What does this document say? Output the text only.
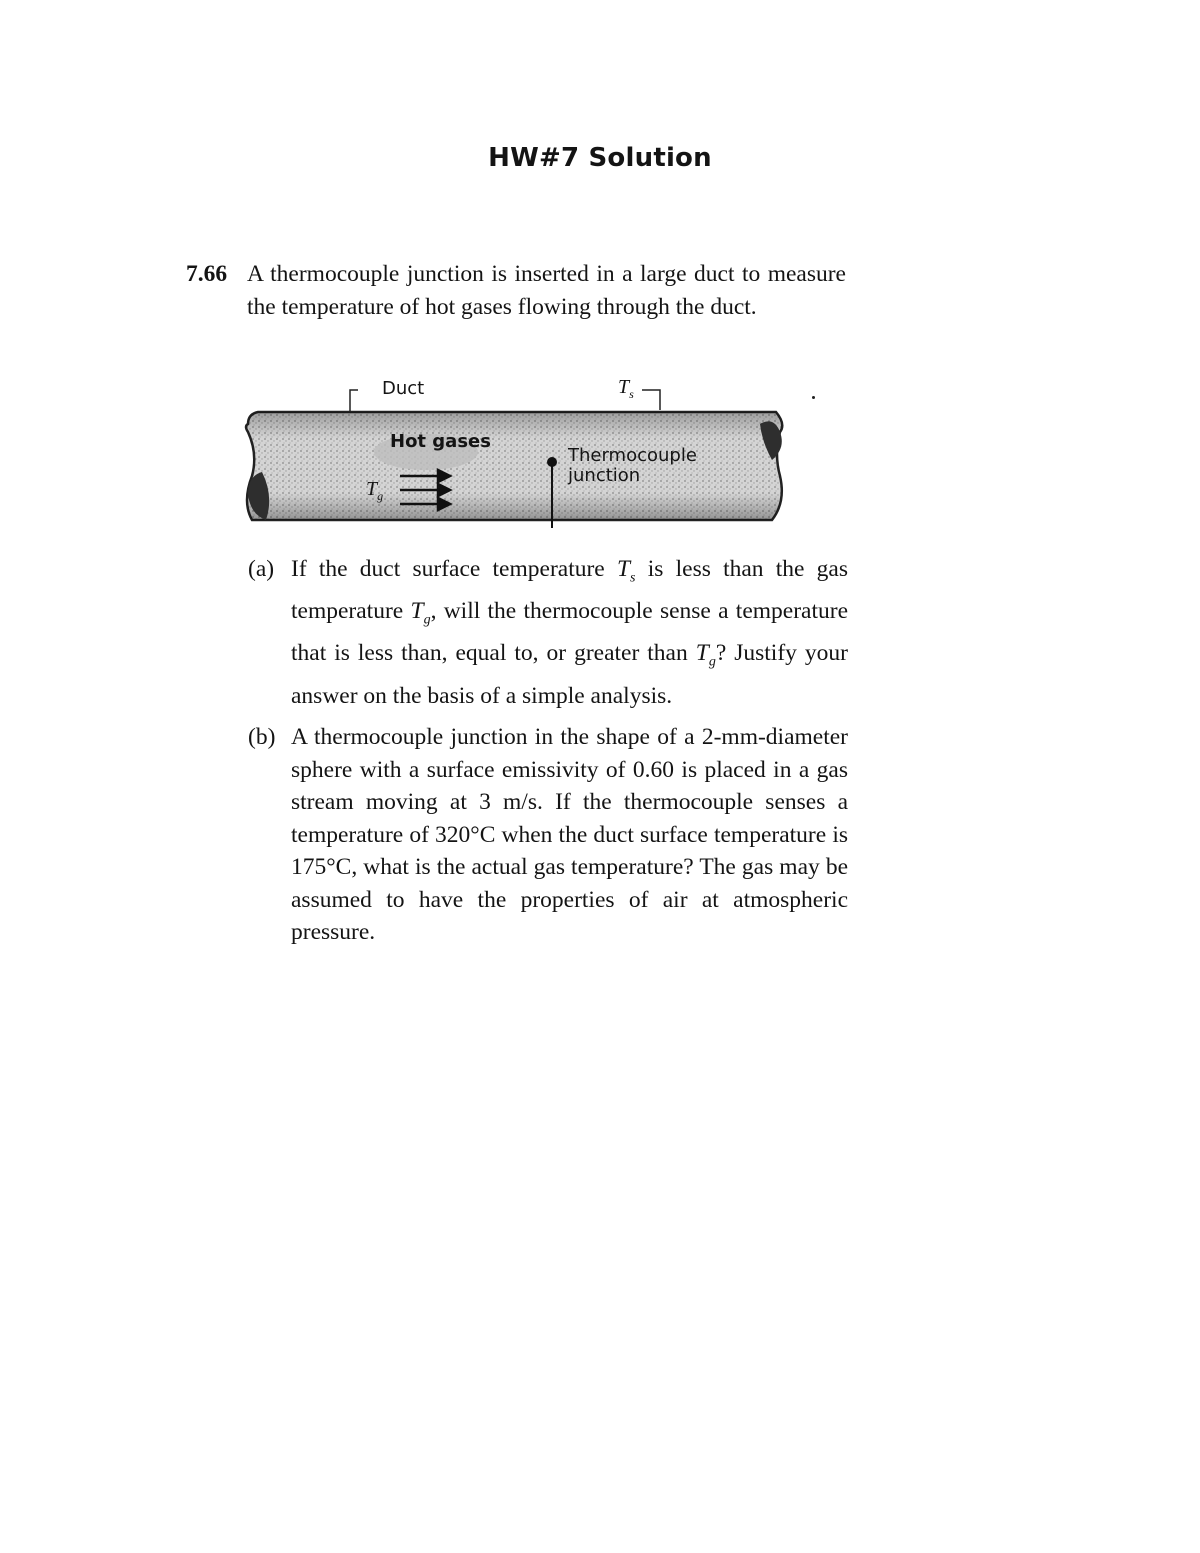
HW#7 Solution
7.66 A thermocouple junction is inserted in a large duct to measure the temperature of hot gases flowing through the duct.
Duct	$T_s$
Hot gases
$T_g$
Thermocouple
junction
(a) If the duct surface temperature $T_s$ is less than the gas temperature $T_g$, will the thermocouple sense a temperature that is less than, equal to, or greater than $T_g$? Justify your answer on the basis of a simple analysis.
(b) A thermocouple junction in the shape of a 2-mm-diameter sphere with a surface emissivity of 0.60 is placed in a gas stream moving at 3 m/s. If the thermocouple senses a temperature of 320°C when the duct surface temperature is 175°C, what is the actual gas temperature? The gas may be assumed to have the properties of air at atmospheric pressure.
